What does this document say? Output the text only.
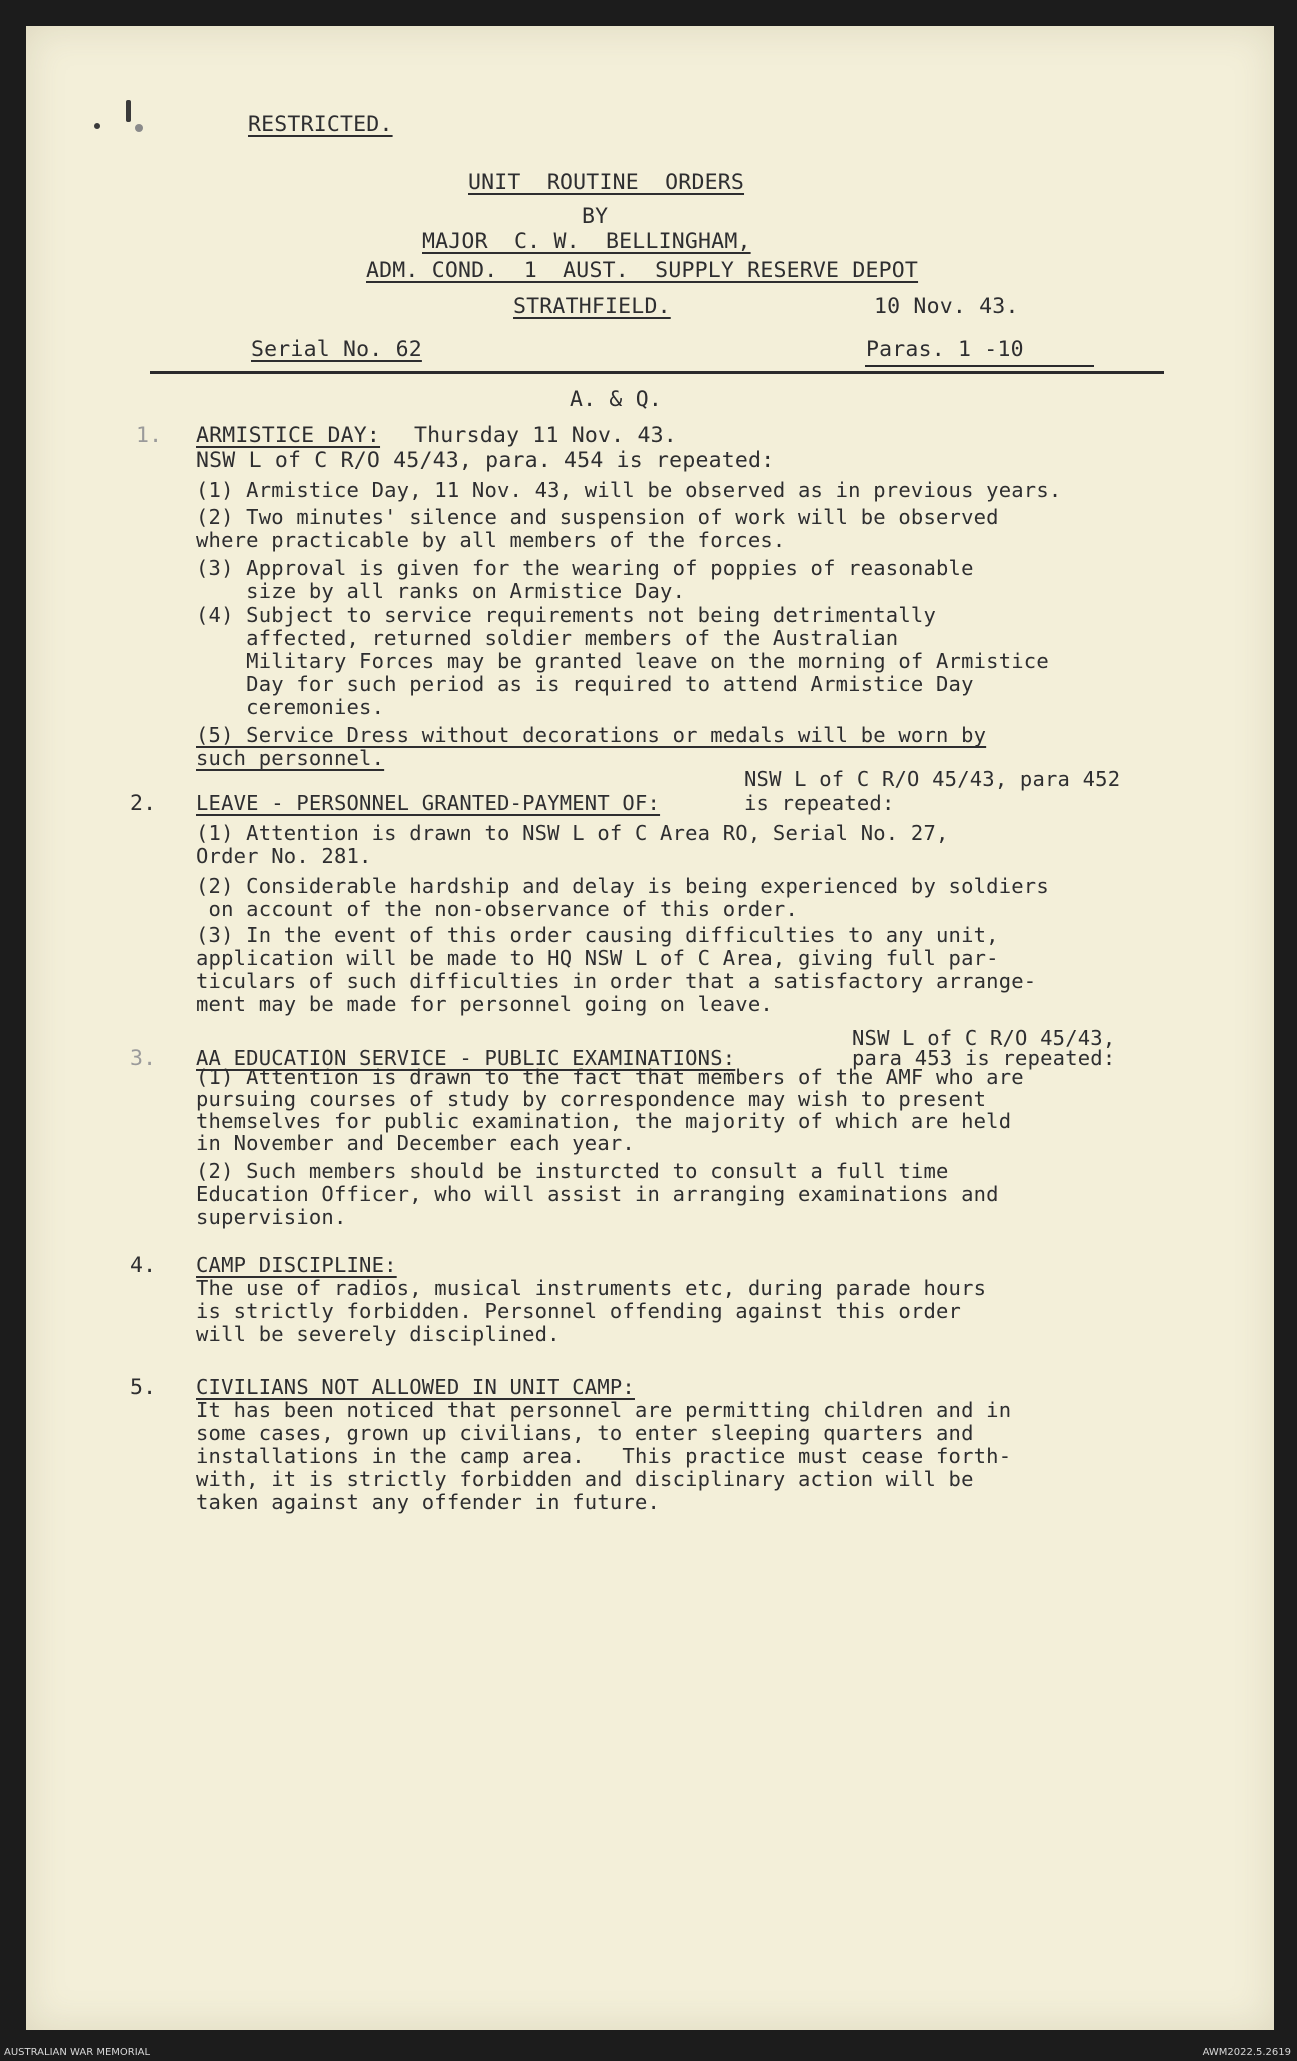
RESTRICTED.
UNIT  ROUTINE  ORDERS
BY
MAJOR  C. W.  BELLINGHAM,
ADM. COND.  1  AUST.  SUPPLY RESERVE DEPOT
STRATHFIELD.	10 Nov. 43.
Serial No. 62	Paras. 1 -10
A. & Q.
1. ARMISTICE DAY: Thursday 11 Nov. 43.
NSW L of C R/O 45/43, para. 454 is repeated:
(1) Armistice Day, 11 Nov. 43, will be observed as in previous years.
(2) Two minutes' silence and suspension of work will be observed
where practicable by all members of the forces.
(3) Approval is given for the wearing of poppies of reasonable
size by all ranks on Armistice Day.
(4) Subject to service requirements not being detrimentally
affected, returned soldier members of the Australian
Military Forces may be granted leave on the morning of Armistice
Day for such period as is required to attend Armistice Day
ceremonies.
(5) Service Dress without decorations or medals will be worn by
such personnel.
NSW L of C R/O 45/43, para 452
2. LEAVE - PERSONNEL GRANTED-PAYMENT OF:	is repeated:
(1) Attention is drawn to NSW L of C Area RO, Serial No. 27,
Order No. 281.
(2) Considerable hardship and delay is being experienced by soldiers
on account of the non-observance of this order.
(3) In the event of this order causing difficulties to any unit,
application will be made to HQ NSW L of C Area, giving full par-
ticulars of such difficulties in order that a satisfactory arrange-
ment may be made for personnel going on leave.
NSW L of C R/O 45/43,
3. AA EDUCATION SERVICE - PUBLIC EXAMINATIONS:	para 453 is repeated:
(1) Attention is drawn to the fact that members of the AMF who are
pursuing courses of study by correspondence may wish to present
themselves for public examination, the majority of which are held
in November and December each year.
(2) Such members should be insturcted to consult a full time
Education Officer, who will assist in arranging examinations and
supervision.
4. CAMP DISCIPLINE:
The use of radios, musical instruments etc, during parade hours
is strictly forbidden. Personnel offending against this order
will be severely disciplined.
5. CIVILIANS NOT ALLOWED IN UNIT CAMP:
It has been noticed that personnel are permitting children and in
some cases, grown up civilians, to enter sleeping quarters and
installations in the camp area.   This practice must cease forth-
with, it is strictly forbidden and disciplinary action will be
taken against any offender in future.
AUSTRALIAN WAR MEMORIAL	AWM2022.5.2619
